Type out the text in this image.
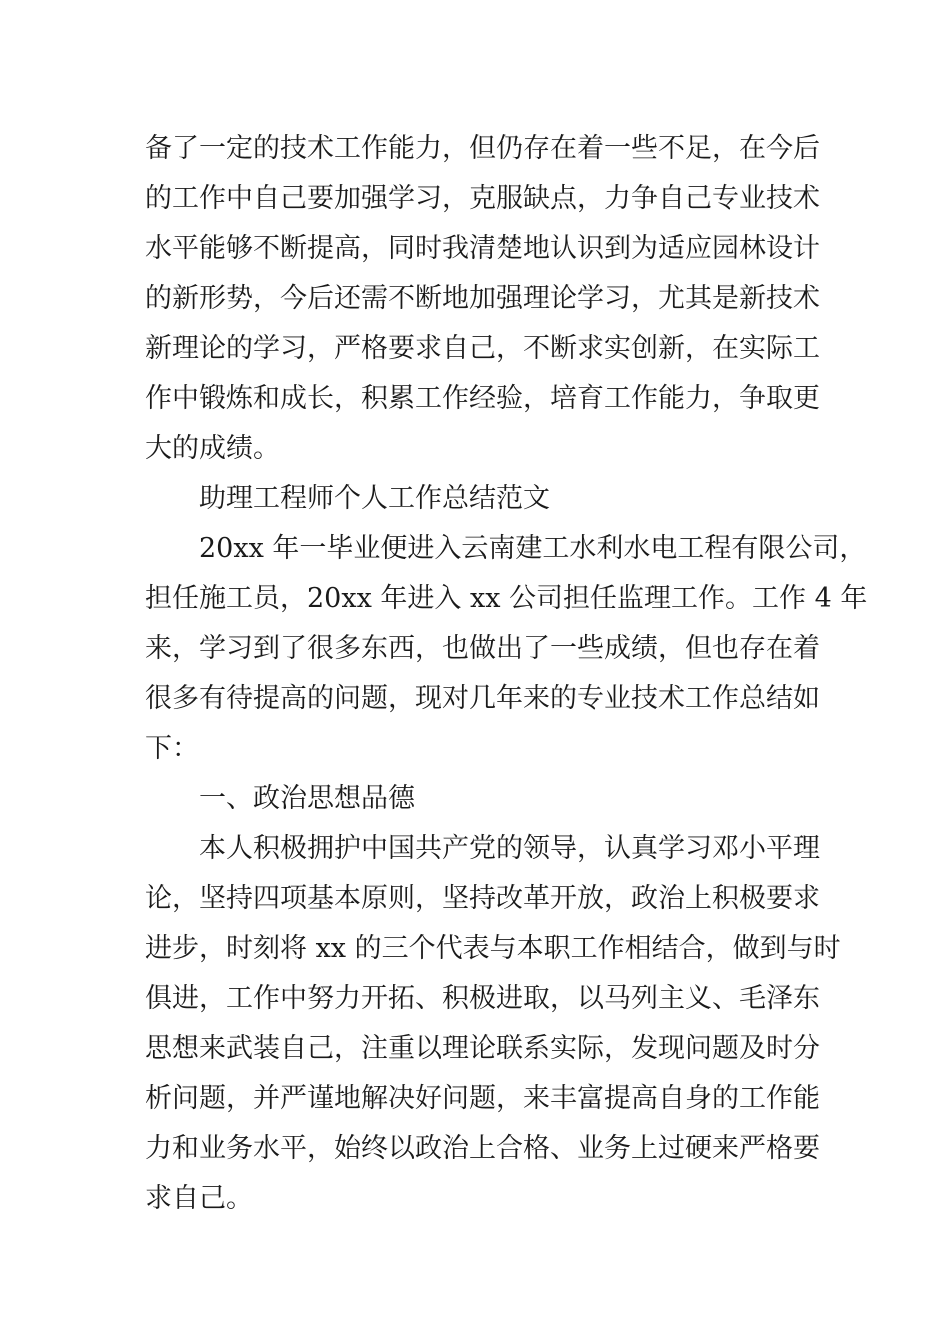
备了一定的技术工作能力，但仍存在着一些不足，在今后
的工作中自己要加强学习，克服缺点，力争自己专业技术
水平能够不断提高，同时我清楚地认识到为适应园林设计
的新形势，今后还需不断地加强理论学习，尤其是新技术
新理论的学习，严格要求自己，不断求实创新，在实际工
作中锻炼和成长，积累工作经验，培育工作能力，争取更
大的成绩。
助理工程师个人工作总结范文
20xx 年一毕业便进入云南建工水利水电工程有限公司，
担任施工员，20xx 年进入 xx 公司担任监理工作。工作 4 年
来，学习到了很多东西，也做出了一些成绩，但也存在着
很多有待提高的问题，现对几年来的专业技术工作总结如
下：
一、政治思想品德
本人积极拥护中国共产党的领导，认真学习邓小平理
论，坚持四项基本原则，坚持改革开放，政治上积极要求
进步，时刻将 xx 的三个代表与本职工作相结合，做到与时
俱进，工作中努力开拓、积极进取，以马列主义、毛泽东
思想来武装自己，注重以理论联系实际，发现问题及时分
析问题，并严谨地解决好问题，来丰富提高自身的工作能
力和业务水平，始终以政治上合格、业务上过硬来严格要
求自己。
